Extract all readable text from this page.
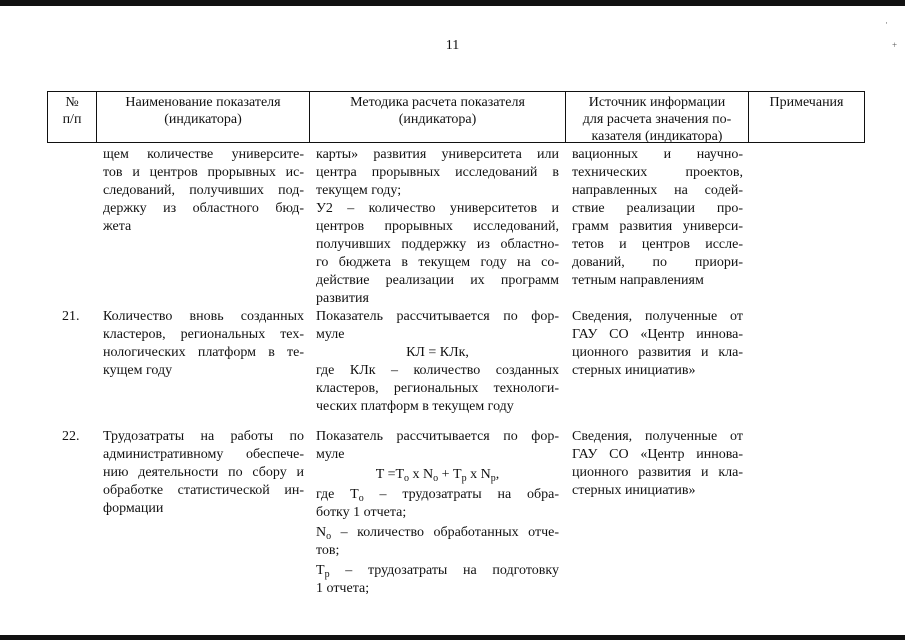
·
+
11
№
п/п
Наименование показателя
(индикатора)
Методика расчета показателя
(индикатора)
Источник информации
для расчета значения по-
казателя (индикатора)
Примечания
щем количестве университе-
тов и центров прорывных ис-
следований, получивших под-
держку из областного бюд-
жета
карты» развития университета или
центра прорывных исследований в
текущем году;
У2 – количество университетов и
центров прорывных исследований,
получивших поддержку из областно-
го бюджета в текущем году на со-
действие реализации их программ
развития
вационных и научно-
технических проектов,
направленных на содей-
ствие реализации про-
грамм развития универси-
тетов и центров иссле-
дований, по приори-
тетным направлениям
21. Количество вновь созданных
кластеров, региональных тех-
нологических платформ в те-
кущем году
Показатель рассчитывается по фор-
муле
КЛ = КЛк,
где КЛк – количество созданных
кластеров, региональных технологи-
ческих платформ в текущем году
Сведения, полученные от
ГАУ СО «Центр иннова-
ционного развития и кла-
стерных инициатив»
22. Трудозатраты на работы по
административному обеспече-
нию деятельности по сбору и
обработке статистической ин-
формации
Показатель рассчитывается по фор-
муле
$T =T_о$ x $N_о + T_р$ x $N_р$,
где $T_о$ – трудозатраты на обра-
ботку 1 отчета;
$N_о$ – количество обработанных отче-
тов;
$T_р$ – трудозатраты на подготовку
1 отчета;
Сведения, полученные от
ГАУ СО «Центр иннова-
ционного развития и кла-
стерных инициатив»
